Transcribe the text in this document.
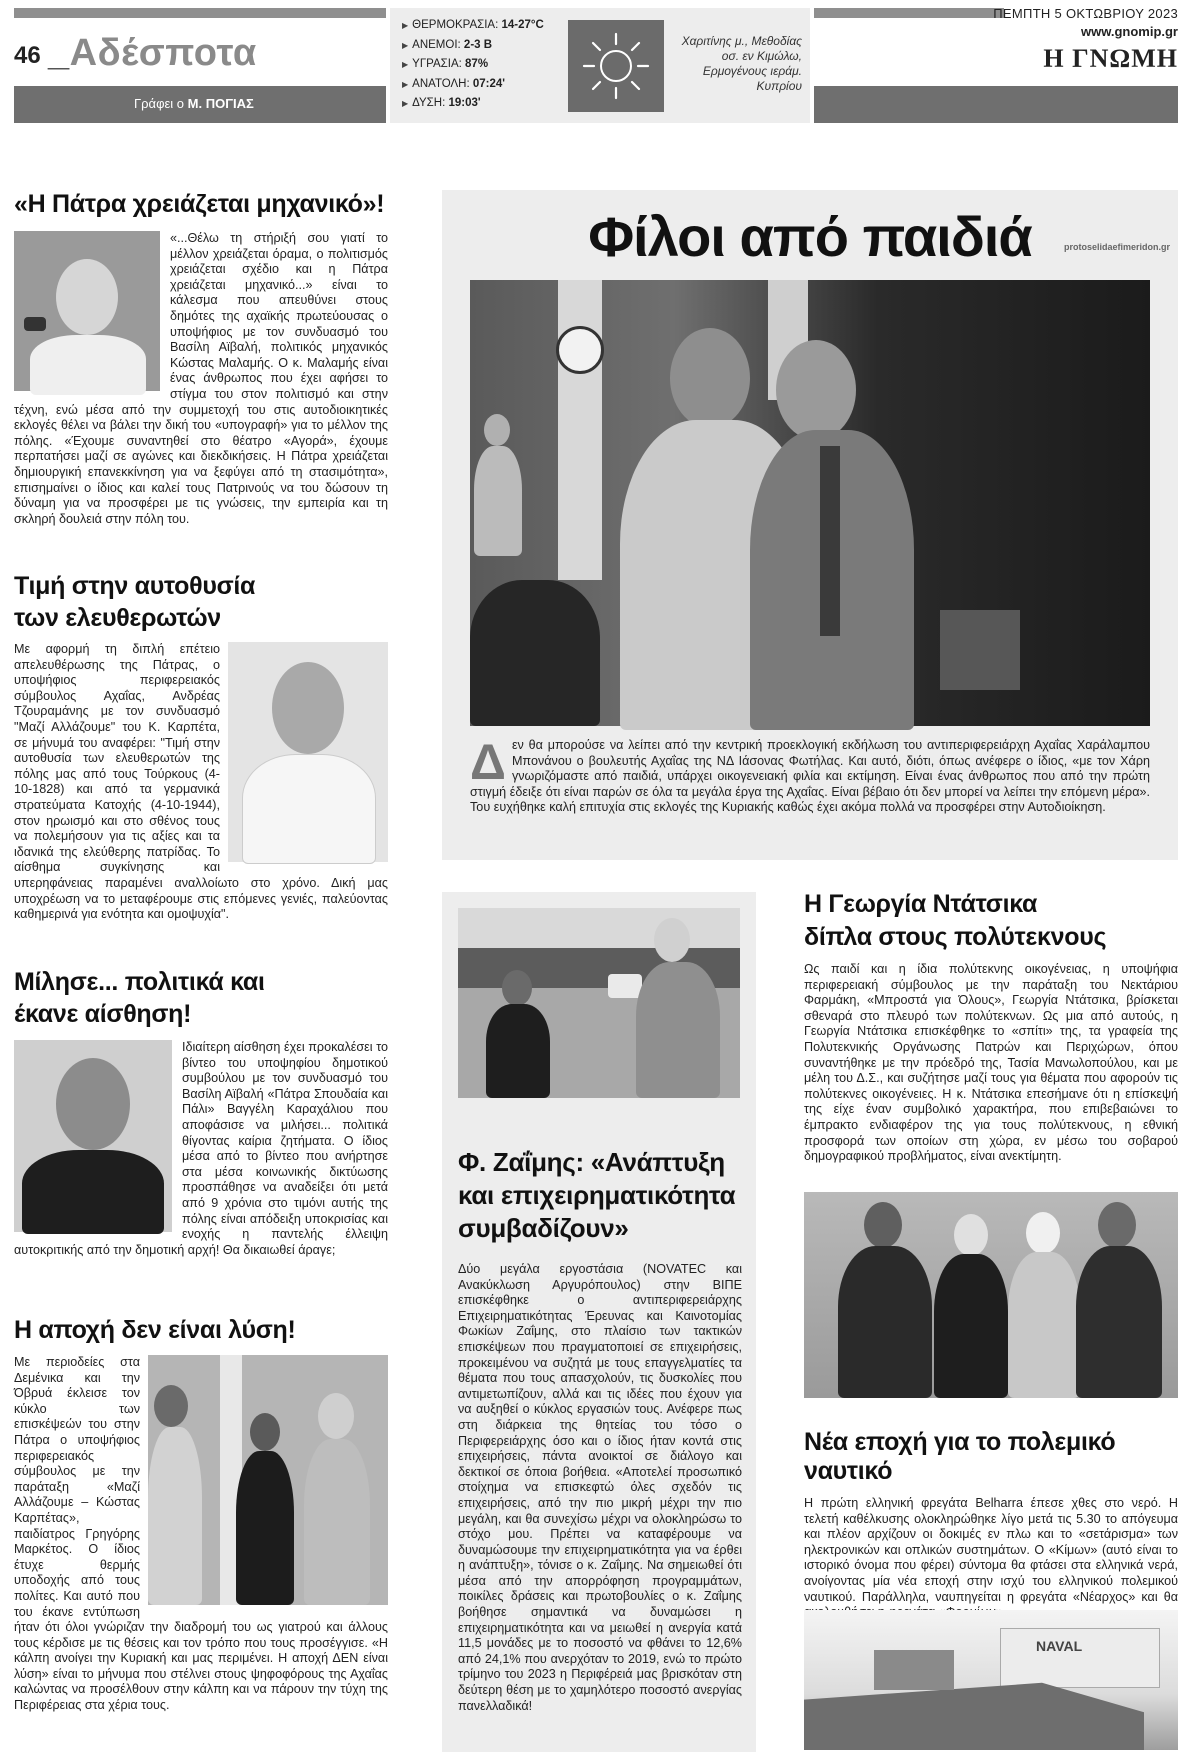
46 _Αδέσποτα
Γράφει ο Μ. ΠΟΓΙΑΣ
▶ ΘΕΡΜΟΚΡΑΣΙΑ: 14-27°C
▶ ΑΝΕΜΟΙ: 2-3 B
▶ ΥΓΡΑΣΙΑ: 87%
▶ ΑΝΑΤΟΛΗ: 07:24'
▶ ΔΥΣΗ: 19:03'
Χαριτίνης μ., Μεθοδίας οσ. εν Κιμώλω, Ερμογένους ιεράμ. Κυπρίου
ΠΕΜΠΤΗ 5 ΟΚΤΩΒΡΙΟΥ 2023
www.gnomip.gr
Η ΓΝΩΜΗ
«Η Πάτρα χρειάζεται μηχανικό»!
«...Θέλω τη στήριξή σου γιατί το μέλλον χρειάζεται όραμα, ο πολιτισμός χρειάζεται σχέδιο και η Πάτρα χρειάζεται μηχανικό...» είναι το κάλεσμα που απευθύνει στους δημότες της αχαϊκής πρωτεύουσας ο υποψήφιος με τον συνδυασμό του Βασίλη Αϊβαλή, πολιτικός μηχανικός Κώστας Μαλαμής. Ο κ. Μαλαμής είναι ένας άνθρωπος που έχει αφήσει το στίγμα του στον πολιτισμό και στην τέχνη, ενώ μέσα από την συμμετοχή του στις αυτοδιοικητικές εκλογές θέλει να βάλει την δική του «υπογραφή» για το μέλλον της πόλης. «Έχουμε συναντηθεί στο θέατρο «Αγορά», έχουμε περπατήσει μαζί σε αγώνες και διεκδικήσεις. Η Πάτρα χρειάζεται δημιουργική επανεκκίνηση για να ξεφύγει από τη στασιμότητα», επισημαίνει ο ίδιος και καλεί τους Πατρινούς να του δώσουν τη δύναμη για να προσφέρει με τις γνώσεις, την εμπειρία και τη σκληρή δουλειά στην πόλη του.
Τιμή στην αυτοθυσία
των ελευθερωτών
Με αφορμή τη διπλή επέτειο απελευθέρωσης της Πάτρας, ο υποψήφιος περιφερειακός σύμβουλος Αχαΐας, Ανδρέας Τζουραμάνης με τον συνδυασμό "Μαζί Αλλάζουμε" του Κ. Καρπέτα, σε μήνυμά του αναφέρει: "Τιμή στην αυτοθυσία των ελευθερωτών της πόλης μας από τους Τούρκους (4-10-1828) και από τα γερμανικά στρατεύματα Κατοχής (4-10-1944), στον ηρωισμό και στο σθένος τους να πολεμήσουν για τις αξίες και τα ιδανικά της ελεύθερης πατρίδας. Το αίσθημα συγκίνησης και υπερηφάνειας παραμένει αναλλοίωτο στο χρόνο. Δική μας υποχρέωση να το μεταφέρουμε στις επόμενες γενιές, παλεύοντας καθημερινά για ενότητα και ομοψυχία".
Μίλησε... πολιτικά και
έκανε αίσθηση!
Ιδιαίτερη αίσθηση έχει προκαλέσει το βίντεο του υποψηφίου δημοτικού συμβούλου με τον συνδυασμό του Βασίλη Αϊβαλή «Πάτρα Σπουδαία και Πάλι» Βαγγέλη Καραχάλιου που αποφάσισε να μιλήσει... πολιτικά θίγοντας καίρια ζητήματα. Ο ίδιος μέσα από το βίντεο που ανήρτησε στα μέσα κοινωνικής δικτύωσης προσπάθησε να αναδείξει ότι μετά από 9 χρόνια στο τιμόνι αυτής της πόλης είναι απόδειξη υποκρισίας και ενοχής η παντελής έλλειψη αυτοκριτικής από την δημοτική αρχή! Θα δικαιωθεί άραγε;
Η αποχή δεν είναι λύση!
Με περιοδείες στα Δεμένικα και την Όβρυά έκλεισε τον κύκλο των επισκέψεών του στην Πάτρα ο υποψήφιος περιφερειακός σύμβουλος με την παράταξη «Μαζί Αλλάζουμε – Κώστας Καρπέτας», παιδίατρος Γρηγόρης Μαρκέτος. Ο ίδιος έτυχε θερμής υποδοχής από τους πολίτες. Και αυτό που του έκανε εντύπωση ήταν ότι όλοι γνώριζαν την διαδρομή του ως γιατρού και άλλους τους κέρδισε με τις θέσεις και τον τρόπο που τους προσέγγισε. «Η κάλπη ανοίγει την Κυριακή και μας περιμένει. Η αποχή ΔΕΝ είναι λύση» είναι το μήνυμα που στέλνει στους ψηφοφόρους της Αχαΐας καλώντας να προσέλθουν στην κάλπη και να πάρουν την τύχη της Περιφέρειας στα χέρια τους.
Φίλοι από παιδιά	protoselidaefimeridon.gr
Δεν θα μπορούσε να λείπει από την κεντρική προεκλογική εκδήλωση του αντιπεριφερειάρχη Αχαΐας Χαράλαμπου Μπονάνου ο βουλευτής Αχαΐας της ΝΔ Ιάσονας Φωτήλας. Και αυτό, διότι, όπως ανέφερε ο ίδιος, «με τον Χάρη γνωριζόμαστε από παιδιά, υπάρχει οικογενειακή φιλία και εκτίμηση. Είναι ένας άνθρωπος που από την πρώτη στιγμή έδειξε ότι είναι παρών σε όλα τα μεγάλα έργα της Αχαΐας. Είναι βέβαιο ότι δεν μπορεί να λείπει την επόμενη μέρα». Του ευχήθηκε καλή επιτυχία στις εκλογές της Κυριακής καθώς έχει ακόμα πολλά να προσφέρει στην Αυτοδιοίκηση.
Φ. Ζαΐμης: «Ανάπτυξη και επιχειρηματικότητα συμβαδίζουν»
Δύο μεγάλα εργοστάσια (NOVATEC και Ανακύκλωση Αργυρόπουλος) στην ΒΙΠΕ επισκέφθηκε ο αντιπεριφερειάρχης Επιχειρηματικότητας Έρευνας και Καινοτομίας Φωκίων Ζαΐμης, στο πλαίσιο των τακτικών επισκέψεων που πραγματοποιεί σε επιχειρήσεις, προκειμένου να συζητά με τους επαγγελματίες τα θέματα που τους απασχολούν, τις δυσκολίες που αντιμετωπίζουν, αλλά και τις ιδέες που έχουν για να αυξηθεί ο κύκλος εργασιών τους. Ανέφερε πως στη διάρκεια της θητείας του τόσο ο Περιφερειάρχης όσο και ο ίδιος ήταν κοντά στις επιχειρήσεις, πάντα ανοικτοί σε διάλογο και δεκτικοί σε όποια βοήθεια. «Αποτελεί προσωπικό στοίχημα να επισκεφτώ όλες σχεδόν τις επιχειρήσεις, από την πιο μικρή μέχρι την πιο μεγάλη, και θα συνεχίσω μέχρι να ολοκληρώσω το στόχο μου. Πρέπει να καταφέρουμε να δυναμώσουμε την επιχειρηματικότητα για να έρθει η ανάπτυξη», τόνισε ο κ. Ζαΐμης. Να σημειωθεί ότι μέσα από την απορρόφηση προγραμμάτων, ποικίλες δράσεις και πρωτοβουλίες ο κ. Ζαΐμης βοήθησε σημαντικά να δυναμώσει η επιχειρηματικότητα και να μειωθεί η ανεργία κατά 11,5 μονάδες με το ποσοστό να φθάνει το 12,6% από 24,1% που ανερχόταν το 2019, ενώ το πρώτο τρίμηνο του 2023 η Περιφέρειά μας βρισκόταν στη δεύτερη θέση με το χαμηλότερο ποσοστό ανεργίας πανελλαδικά!
Η Γεωργία Ντάτσικα
δίπλα στους πολύτεκνους
Ως παιδί και η ίδια πολύτεκνης οικογένειας, η υποψήφια περιφερειακή σύμβουλος με την παράταξη του Νεκτάριου Φαρμάκη, «Μπροστά για Όλους», Γεωργία Ντάτσικα, βρίσκεται σθεναρά στο πλευρό των πολύτεκνων. Ως μια από αυτούς, η Γεωργία Ντάτσικα επισκέφθηκε το «σπίτι» της, τα γραφεία της Πολυτεκνικής Οργάνωσης Πατρών και Περιχώρων, όπου συναντήθηκε με την πρόεδρό της, Τασία Μανωλοπούλου, και με μέλη του Δ.Σ., και συζήτησε μαζί τους για θέματα που αφορούν τις πολύτεκνες οικογένειες. Η κ. Ντάτσικα επεσήμανε ότι η επίσκεψή της είχε έναν συμβολικό χαρακτήρα, που επιβεβαιώνει το έμπρακτο ενδιαφέρον της για τους πολύτεκνους, η εθνική προσφορά των οποίων στη χώρα, εν μέσω του σοβαρού δημογραφικού προβλήματος, είναι ανεκτίμητη.
Νέα εποχή για το πολεμικό ναυτικό
Η πρώτη ελληνική φρεγάτα Belharra έπεσε χθες στο νερό. Η τελετή καθέλκυσης ολοκληρώθηκε λίγο μετά τις 5.30 το απόγευμα και πλέον αρχίζουν οι δοκιμές εν πλω και το «σετάρισμα» των ηλεκτρονικών και οπλικών συστημάτων. Ο «Κίμων» (αυτό είναι το ιστορικό όνομα που φέρει) σύντομα θα φτάσει στα ελληνικά νερά, ανοίγοντας μία νέα εποχή στην ισχύ του ελληνικού πολεμικού ναυτικού. Παράλληλα, ναυπηγείται η φρεγάτα «Νέαρχος» και θα
NAVAL
